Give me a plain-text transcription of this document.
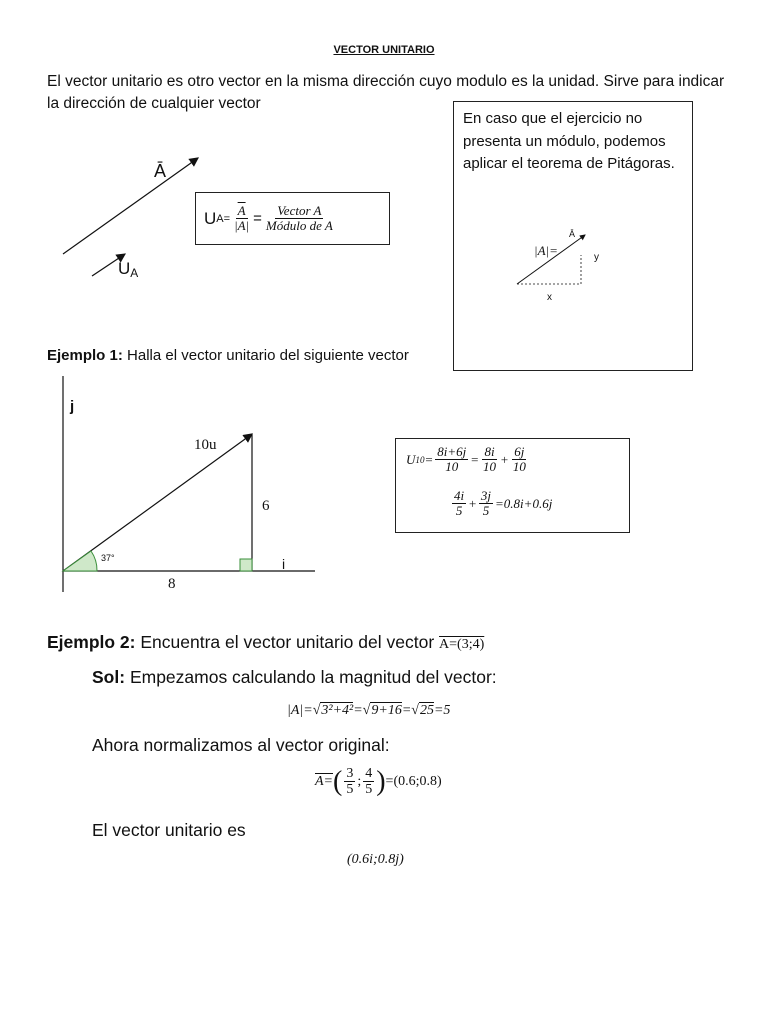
VECTOR UNITARIO
El vector unitario es otro vector en la misma dirección cuyo modulo es la unidad. Sirve para indicar la dirección de cualquier vector
Ā
$U_A$
U $A = \frac{\overline{A}}{|A|} = \frac{\text{Vector A}}{\text{Módulo de A}}$
En caso que el ejercicio no presenta un módulo, podemos aplicar el teorema de Pitágoras.
|A|=
Ā
y
x
Ejemplo 1: Halla el vector unitario del siguiente vector
j
i
10u
6
8
37°
U $10 = \frac{8i+6j}{10} = \frac{8i}{10} + \frac{6j}{10}$
$\frac{4i}{5} + \frac{3j}{5} =0.8i+0.6j$
Ejemplo 2: Encuentra el vector unitario del vector A=(3;4)
Sol: Empezamos calculando la magnitud del vector:
|A|=√3²+4²=√9+16=√25=5
Ahora normalizamos al vector original:
A= ( $\frac{3}{5}$ ; $\frac{4}{5}$ ) =(0.6;0.8)
El vector unitario es
(0.6i;0.8j)
